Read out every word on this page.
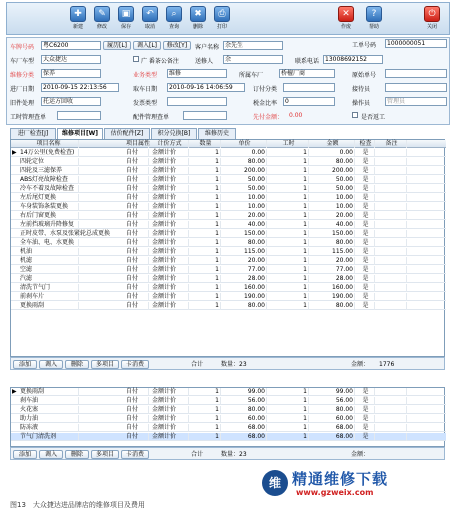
✚
新建
✎
修改
▣
保存
↶
取消
⌕
查询
✖
删除
⎙
打印
✕
作废
?
帮助
⏻
关闭
车牌号码	粤C6200	履历[L]	调入[L]	修改[Y]	客户名称 余先生	工单号码	1000000051
车厂车型	大众捷达	广 番茶公备注	送修人	余	联系电话 13008692152
维修分类	保养	业务类型	维修	所属车厂	桥檀厂商	原始单号
进厂日期	2010-09-15 22:13:56	取车日期	2010-09-16 14:06:59	订付分类	接待员
旧件处理	托运方回收	发票类型	税金比率	0	操作员	管理员
工时管理查单	配件管理查单	先付金额： 0.00	是否返工
进厂检查[J]	维修项目[W]	估价配件[Z]	积分兑换[B]	维修历史
项目名称	项目属性	计价方式	数量	单价	工时	金额	检查	备注
▶ 14万公里(免费检查)	自付	金额计价	1	0.00	1	0.00	是
四轮定位	自付	金额计价	1	80.00	1	80.00	是
四轮及三滤保养	自付	金额计价	1	200.00	1	200.00	是
ABS灯亮故障检查	自付	金额计价	1	50.00	1	50.00	是
冷车不着及故障检查	自付	金额计价	1	50.00	1	50.00	是
左后尾灯更换	自付	金额计价	1	10.00	1	10.00	是
车身装饰条装更换	自付	金额计价	1	10.00	1	10.00	是
右后门窗更换	自付	金额计价	1	20.00	1	20.00	是
左前挡玻璃升降修复	自付	金额计价	1	40.00	1	40.00	是
正时皮带、水泵及张紧轮总成更换	自付	金额计价	1	150.00	1	150.00	是
全车油、电、水更换	自付	金额计价	1	80.00	1	80.00	是
机油	自付	金额计价	1	115.00	1	115.00	是
机滤	自付	金额计价	1	20.00	1	20.00	是
空滤	自付	金额计价	1	77.00	1	77.00	是
汽滤	自付	金额计价	1	28.00	1	28.00	是
清洗节气门	自付	金额计价	1	160.00	1	160.00	是
前刹车片	自付	金额计价	1	190.00	1	190.00	是
更换雨刮	自付	金额计价	1	80.00	1	80.00	是
添加	调入	删除	多项目	卡消费	合计	数量：23	金额： 1776
▶ 更换雨刮	自付	金额计价	1	99.00	1	99.00	是
刹车油	自付	金额计价	1	56.00	1	56.00	是
火花塞	自付	金额计价	1	80.00	1	80.00	是
助力油	自付	金额计价	1	60.00	1	60.00	是
防冻液	自付	金额计价	1	68.00	1	68.00	是
节气门清洗剂	自付	金额计价	1	68.00	1	68.00	是
添加	调入	删除	多项目	卡消费	合计	数量：23	金额：
维 精通维修下载
www.gzweix.com
图13　大众捷达进品牌店的维修项目及费用
